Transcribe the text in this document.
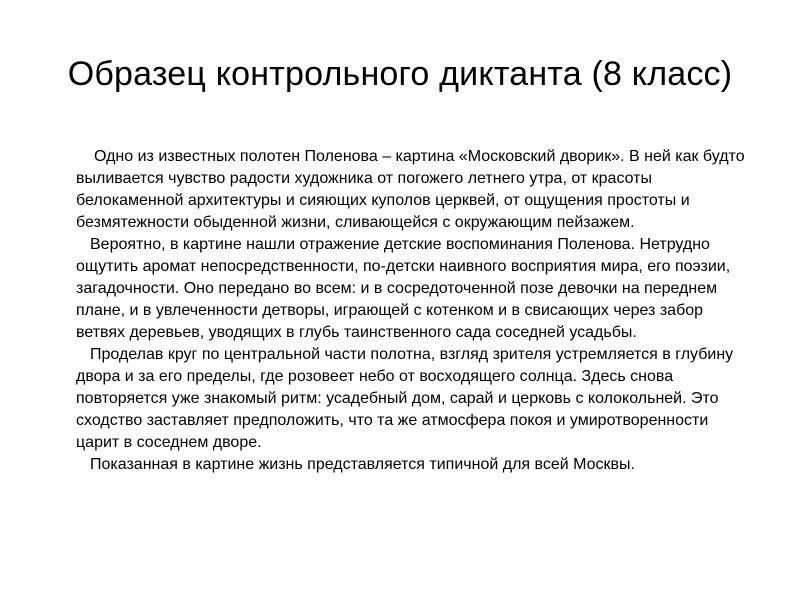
Образец контрольного диктанта (8 класс)

Одно из известных полотен Поленова – картина «Московский дворик». В ней как будто выливается чувство радости художника от погожего летнего утра, от красоты белокаменной архитектуры и сияющих куполов церквей, от ощущения простоты и безмятежности обыденной жизни, сливающейся с окружающим пейзажем.

Вероятно, в картине нашли отражение детские воспоминания Поленова. Нетрудно ощутить аромат непосредственности, по-детски наивного восприятия мира, его поэзии, загадочности. Оно передано во всем: и в сосредоточенной позе девочки на переднем плане, и в увлеченности детворы, играющей с котенком и в свисающих через забор ветвях деревьев, уводящих в глубь таинственного сада соседней усадьбы.

Проделав круг по центральной части полотна, взгляд зрителя устремляется в глубину двора и за его пределы, где розовеет небо от восходящего солнца. Здесь снова повторяется уже знакомый ритм: усадебный дом, сарай и церковь с колокольней. Это сходство заставляет предположить, что та же атмосфера покоя и умиротворенности царит в соседнем дворе.

Показанная в картине жизнь представляется типичной для всей Москвы.
